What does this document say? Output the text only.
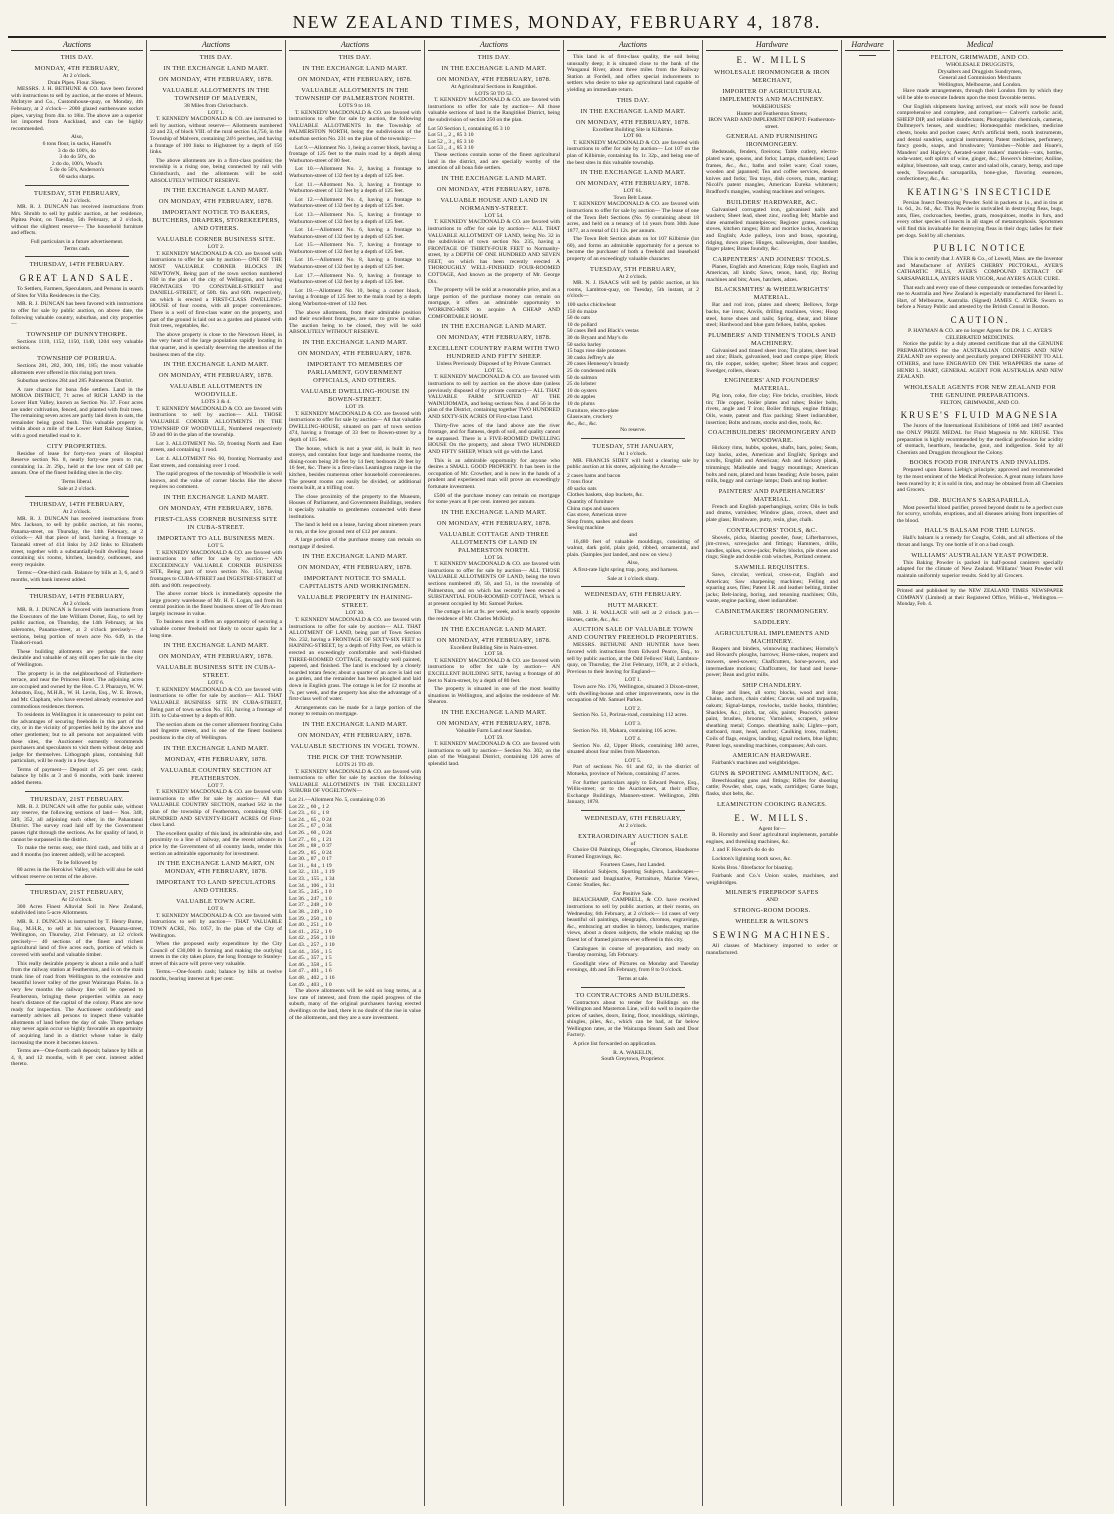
NEW ZEALAND TIMES, MONDAY, FEBRUARY 4, 1878.
Auctions
THIS DAY.
MONDAY, 4TH FEBRUARY,
At 2 o'clock.
Drain Pipes. Flour. Sheep.

MESSRS. J. H. BETHUNE & CO. have been favored with instructions to sell by auction, at the stores of Messrs. McIntyre and Co., Customhouse-quay, on Monday, 4th February, at 2 o'clock— 2000 glazed earthenware socket pipes, varying from 4in. to 18in. The above are a superior lot imported from Auckland, and can be highly recommended.

Also,
6 tons flour, in sacks, Hassell's
3 do do 100's, do
3 do do 50's, do
2 do do, 100's, Wood's
5 do do 50's, Anderson's
60 sacks sharps.
TUESDAY, 5TH FEBRUARY,
At 2 o'clock.

MR. R. J. DUNCAN has received instructions from Mrs. Shrubb to sell by public auction, at her residence, Pipitea Point, on Tuesday, 5th February, at 2 o'clock, without the slightest reserve— The household furniture and effects.

Full particulars in a future advertisement.
Terms cash.
THURSDAY, 14TH FEBRUARY.
GREAT LAND SALE.

To Settlers, Farmers, Speculators, and Persons in search of Sites for Villa Residences in the City.

MR. R. J. DUNCAN has been favored with instructions to offer for sale by public auction, on above date, the following valuable country, suburban, and city properties—

TOWNSHIP OF DUNNYTHORPE.

Sections 1110, 1152, 1150, 1140, 1204 very valuable sections.

TOWNSHIP OF PORIRUA.

Sections 281, 282, 300, 186, 185; the most valuable allotments ever offered in this rising port town.

Suburban sections 284 and 285 Palmerston District.

A rare chance for bona fide settlers. Land in the MOROA DISTRICT, 71 acres of RICH LAND in the Lower Hutt Valley, known as Section No. 37. Four acres are under cultivation, fenced, and planted with fruit trees. The remaining seven acres are partly laid down in oats, the remainder being good bush. This valuable property is within about a mile of the Lower Hutt Railway Station, with a good metalled road to it.

CITY PROPERTIES.

Residue of lease for forty-two years of Hospital Reserve section No. 8, nearly forty-one years to run, containing 1a. 2r. 29p., held at the low rent of £40 per annum. One of the finest building sites in the city.

Terms liberal.
Sale at 2 o'clock.
THURSDAY, 14TH FEBRUARY,
At 2 o'clock.

MR. R. J. DUNCAN has received instructions from Mrs. Jackson, to sell by public auction, at his rooms, Panama-street, on Thursday, the 14th February, at 2 o'clock— All that piece of land, having a frontage to Taranaki street of 414 links by 242 links to Elizabeth street, together with a substantially-built dwelling house containing six rooms, kitchen, laundry, outhouses, and every requisite.

Terms:—One-third cash. Balance by bills at 3, 6, and 9 months, with bank interest added.

THURSDAY, 14TH FEBRUARY,
At 2 o'clock.

MR. R. J. DUNCAN is favored with instructions from the Executors of the late William Dorset, Esq., to sell by public auction, on Thursday, the 14th February, at his salerooms, Panama-street, at 2 o'clock precisely— 4 sections, being portion of town acre No. 649, in the Tinakori-road.

These building allotments are perhaps the most desirable and valuable of any still open for sale in the city of Wellington.

The property is in the neighbourhood of Fitzherbert-terrace, and near the Princess Hotel. The adjoining acres are occupied and owned by the Hon. C. J. Pharazyn, W. W. Johnston, Esq., M.H.R., W. H. Levin, Esq., W. E. Brown, and Mr. Clapham, who have erected already extensive and commodious residences thereon.

To residents in Wellington it is unnecessary to point out the advantages of securing freeholds in this part of the city, or in the vicinity of properties held by the above and other gentlemen; but to all persons not acquainted with these sites, the Auctioneer earnestly recommends purchasers and speculators to visit them without delay and judge for themselves. Lithograph plans, containing full particulars, will be ready in a few days.

Terms of payment— Deposit of 25 per cent. cash; balance by bills at 3 and 6 months, with bank interest added thereto.

THURSDAY, 21ST FEBRUARY.

MR. R. J. DUNCAN will offer for public sale, without any reserve, the following sections of land— Nos. 348, 349, 352, all adjoining each other, in the Pahautanui District. The survey road laid off by the Government passes right through the sections. As for quality of land, it cannot be surpassed in the district.

To make the terms easy, one third cash, and bills at 4 and 8 months (no interest added), will be accepted.

To be followed by

80 acres in the Horokiwi Valley, which will also be sold without reserve on terms of the above.

THURSDAY, 21ST FEBRUARY,
At 12 o'clock.

300 Acres Finest Alluvial Soil in New Zealand, subdivided into 5-acre Allotments.

MR. R. J. DUNCAN is instructed by T. Henry Burne, Esq., M.H.R., to sell at his saleroom, Panama-street, Wellington, on Thursday, 21st February, at 12 o'clock precisely— 40 sections of the finest and richest agricultural land of five acres each, portion of which is covered with useful and valuable timber.

This really desirable property is about a mile and a half from the railway station at Featherston, and is on the main trunk line of road from Wellington to the extensive and beautiful lower valley of the great Wairarapa Plains. In a very few months the railway line will be opened to Featherston, bringing these properties within an easy hour's distance of the capital of the colony. Plans are now ready for inspection. The Auctioneer confidently and earnestly advises all persons to inspect these valuable allotments of land before the day of sale. There perhaps may never again occur so highly favorable an opportunity of acquiring land in a district whose value is daily increasing the more it becomes known.

Terms are—One-fourth cash deposit; balance by bills at 4, 8, and 12 months, with 8 per cent. interest added thereto.

Auctions
THIS DAY.
IN THE EXCHANGE LAND MART.
ON MONDAY, 4TH FEBRUARY, 1878.
VALUABLE ALLOTMENTS IN THE TOWNSHIP OF MALVERN,
38 Miles from Christchurch.
LOT 1.

T. KENNEDY MACDONALD & CO. are instructed to sell by auction, without reserve— Allotments numbered 22 and 23, of block VIII. of the rural section 14,756, in the Township of Malvern, containing 24½ perches, and having a frontage of 100 links to Highstreet by a depth of 156 links.

The above allotments are in a first-class position; the township is a rising one, being connected by rail with Christchurch, and the allotments will be sold ABSOLUTELY WITHOUT RESERVE.

IN THE EXCHANGE LAND MART.
ON MONDAY, 4TH FEBRUARY, 1878.
IMPORTANT NOTICE TO BAKERS, BUTCHERS, DRAPERS, STOREKEEPERS, AND OTHERS.
VALUABLE CORNER BUSINESS SITE.
LOT 2.

T. KENNEDY MACDONALD & CO. are favored with instructions to offer for sale by auction— ONE OF THE MOST VALUABLE CORNER BLOCKS IN NEWTOWN, Being part of the town section numbered 830 in the plan of the city of Wellington, and having FRONTAGES TO CONSTABLE-STREET and DANIELL-STREET, of 50ft. 6in. and 60ft. respectively, on which is erected a FIRST-CLASS DWELLING-HOUSE of four rooms, with all proper conveniences. There is a well of first-class water on the property, and part of the ground is laid out as a garden and planted with fruit trees, vegetables, &c.

The above property is close to the Newtown Hotel, in the very heart of the large population rapidly locating in that quarter, and is specially deserving the attention of the business men of the city.

IN THE EXCHANGE LAND MART.
ON MONDAY, 4TH FEBRUARY, 1878.
VALUABLE ALLOTMENTS IN WOODVILLE.
LOTS 3 & 4.

T. KENNEDY MACDONALD & CO. are favored with instructions to sell by auction— ALL THOSE VALUABLE CORNER ALLOTMENTS IN THE TOWNSHIP OF WOODVILLE, Numbered respectively 59 and 60 in the plan of the township.

Lot 3. ALLOTMENT No. 59, fronting North and East streets, and containing 1 rood.

Lot 4. ALLOTMENT No. 60, fronting Normanby and East streets, and containing over 1 rood.

The rapid progress of the township of Woodville is well known, and the value of corner blocks like the above requires no comment.

IN THE EXCHANGE LAND MART.
ON MONDAY, 4TH FEBRUARY, 1878.
FIRST-CLASS CORNER BUSINESS SITE IN CUBA-STREET.
IMPORTANT TO ALL BUSINESS MEN.
LOT 5.

T. KENNEDY MACDONALD & CO. are favored with instructions to offer for sale by auction— AN EXCEEDINGLY VALUABLE CORNER BUSINESS SITE, Being part of town section No. 151, having frontages to CUBA-STREET and INGESTRE-STREET of 40ft. and 80ft. respectively.

The above corner block is immediately opposite the large grocery warehouse of Mr. H. F. Logan, and from its central position in the finest business street of Te Aro must largely increase in value.

To business men it offers an opportunity of securing a valuable corner freehold not likely to occur again for a long time.

IN THE EXCHANGE LAND MART.
ON MONDAY, 4TH FEBRUARY, 1878.
VALUABLE BUSINESS SITE IN CUBA-STREET.
LOT 6.

T. KENNEDY MACDONALD & CO. are favored with instructions to offer for sale by auction— ALL THAT VALUABLE BUSINESS SITE IN CUBA-STREET, Being part of town section No. 151, having a frontage of 31ft. to Cuba-street by a depth of 80ft.

The section abuts on the corner allotment fronting Cuba and Ingestre streets, and is one of the finest business positions in the city of Wellington.

IN THE EXCHANGE LAND MART.
MONDAY, 4TH FEBRUARY, 1878.
VALUABLE COUNTRY SECTION AT FEATHERSTON.
LOT 7.

T. KENNEDY MACDONALD & CO. are favored with instructions to offer for sale by auction— All that VALUABLE COUNTRY SECTION, marked 562 in the plan of the township of Featherston, containing ONE HUNDRED AND SEVENTY-EIGHT ACRES Of First-class Land.

The excellent quality of this land, its admirable site, and proximity to a line of railway, and the recent advance in price by the Government of all country lands, render this section an admirable opportunity for investment.

IN THE EXCHANGE LAND MART, ON MONDAY, 4TH FEBRUARY, 1878.
IMPORTANT TO LAND SPECULATORS AND OTHERS.
VALUABLE TOWN ACRE.
LOT 8.

T. KENNEDY MACDONALD & CO. are favored with instructions to sell by auction— THAT VALUABLE TOWN ACRE, No. 1057, In the plan of the City of Wellington.

When the proposed early expenditure by the City Council of £30,000 in forming and making the outlying streets in the city takes place, the long frontage to Stanley-street of this acre will prove very valuable.

Terms.—One-fourth cash; balance by bills at twelve months, bearing interest at 8 per cent.

Auctions
THIS DAY.
IN THE EXCHANGE LAND MART.
ON MONDAY, 4TH FEBRUARY, 1878.
VALUABLE ALLOTMENTS IN THE TOWNSHIP OF PALMERSTON NORTH.
LOTS 9 to 18.

T. KENNEDY MACDONALD & CO. are favored with instructions to offer for sale by auction, the following VALUABLE ALLOTMENTS In the Township of PALMERSTON NORTH, being the subdivisions of the suburban section No. 231 on the plan of the township:—

Lot 9.—Allotment No. 1, being a corner block, having a frontage of 125 feet to the main road by a depth along Warburton-street of 80 feet.

Lot 10.—Allotment No. 2, having a frontage to Warburton-street of 132 feet by a depth of 125 feet.

Lot 11.—Allotment No. 3, having a frontage to Warburton-street of 132 feet by a depth of 125 feet.

Lot 12.—Allotment No. 4, having a frontage to Warburton-street of 132 feet by a depth of 125 feet.

Lot 13.—Allotment No. 5, having a frontage to Warburton-street of 132 feet by a depth of 125 feet.

Lot 14.—Allotment No. 6, having a frontage to Warburton-street of 132 feet by a depth of 125 feet.

Lot 15.—Allotment No. 7, having a frontage to Warburton-street of 132 feet by a depth of 125 feet.

Lot 16.—Allotment No. 8, having a frontage to Warburton-street of 132 feet by a depth of 125 feet.

Lot 17.—Allotment No. 9, having a frontage to Warburton-street of 132 feet by a depth of 125 feet.

Lot 18.—Allotment No. 10, being a corner block, having a frontage of 125 feet to the main road by a depth along Warburton-street of 132 feet.

The above allotments, from their admirable position and their excellent frontages, are sure to grow in value. The auction being to be closed, they will be sold ABSOLUTELY WITHOUT RESERVE.

IN THE EXCHANGE LAND MART.
ON MONDAY, 4TH FEBRUARY, 1878.
IMPORTANT TO MEMBERS OF PARLIAMENT, GOVERNMENT OFFICIALS, AND OTHERS.
VALUABLE DWELLING-HOUSE IN BOWEN-STREET.
LOT 19.

T. KENNEDY MACDONALD & CO. are favored with instructions to offer for sale by auction— All that valuable DWELLING-HOUSE, situated on part of town section 474, having a frontage of 33 feet to Bowen-street by a depth of 115 feet.

The house, which is not a year old, is built in two storeys, and contains four large and handsome rooms, the dining-room being 20 feet by 14 feet; bedroom 20 feet by 16 feet, &c. There is a first-class Leamington range in the kitchen, besides numerous other household conveniences. The present rooms can easily be divided, or additional rooms built, at a trifling cost.

The close proximity of the property to the Museum, Houses of Parliament, and Government Buildings, renders it specially valuable to gentlemen connected with these institutions.

The land is held on a lease, having about nineteen years to run, at the low ground rent of £12 per annum.

A large portion of the purchase money can remain on mortgage if desired.

IN THE EXCHANGE LAND MART.
ON MONDAY, 4TH FEBRUARY, 1878.
IMPORTANT NOTICE TO SMALL CAPITALISTS AND WORKINGMEN.
VALUABLE PROPERTY IN HAINING-STREET.
LOT 20.

T. KENNEDY MACDONALD & CO. are favored with instructions to offer for sale by auction— ALL THAT ALLOTMENT OF LAND, being part of Town Section No. 232, having a FRONTAGE OF SIXTY-SIX FEET to HAINING-STREET, by a depth of Fifty Feet, on which is erected an exceedingly comfortable and well-finished THREE-ROOMED COTTAGE, thoroughly well painted, papered, and finished. The land is enclosed by a closely boarded totara fence; about a quarter of an acre is laid out as garden, and the remainder has been ploughed and laid down in English grass. The cottage is let for 12 months at 7s. per week, and the property has also the advantage of a first-class well of water.

Arrangements can be made for a large portion of the money to remain on mortgage.

IN THE EXCHANGE LAND MART.
ON MONDAY, 4TH FEBRUARY, 1878.
VALUABLE SECTIONS IN VOGEL TOWN.
THE PICK OF THE TOWNSHIP.
LOTS 21 TO 49.

T. KENNEDY MACDONALD & CO. are favored with instructions to offer for sale by auction the following VALUABLE ALLOTMENTS IN THE EXCELLENT SUBURB OF VOGELTOWN—

Lot 21.—Allotment No. 5, containing 0 36
Lot 22. ,, 60 ,, 1 2
Lot 23. ,, 61 ,, 1 8
Lot 24. ,, 65 ,, 0 24
Lot 25. ,, 67 ,, 0 34
Lot 26. ,, 60 ,, 0 24
Lot 27. ,, 61 ,, 1 21
Lot 28. ,, 88 ,, 0 37
Lot 29. ,, 85 ,, 0 24
Lot 30. ,, 87 ,, 0 17
Lot 31. ,, 84 ,, 1 19
Lot 32. ,, 131 ,, 1 19
Lot 33. ,, 155 ,, 1 34
Lot 34. ,, 106 ,, 1 31
Lot 35. ,, 245 ,, 1 0
Lot 36. ,, 247 ,, 1 0
Lot 37. ,, 248 ,, 1 0
Lot 38. ,, 249 ,, 1 0
Lot 39. ,, 250 ,, 1 0
Lot 40. ,, 251 ,, 1 0
Lot 41. ,, 252 ,, 1 0
Lot 42. ,, 256 ,, 1 10
Lot 43. ,, 257 ,, 1 10
Lot 44. ,, 356 ,, 1 5
Lot 45. ,, 357 ,, 1 5
Lot 46. ,, 358 ,, 1 5
Lot 47. ,, 401 ,, 1 6
Lot 48. ,, 402 ,, 1 16
Lot 49. ,, 403 ,, 1 0

The above allotments will be sold on long terms, at a low rate of interest, and from the rapid progress of the suburb, many of the original purchasers having erected dwellings on the land, there is no doubt of the rise in value of the allotments, and they are a sure investment.

Auctions
THIS DAY.
IN THE EXCHANGE LAND MART.
ON MONDAY, 4TH FEBRUARY, 1878.
At Agricultural Sections in Rangitikei.
LOTS 50 TO 53.

T. KENNEDY MACDONALD & CO. are favored with instructions to offer for sale by auction— All those valuable sections of land in the Rangitikei District, being the subdivision of section 250 on the plan.

Lot 50 Section 1, containing 85 3 10
Lot 51 ,, 2 ,, 85 3 10
Lot 52 ,, 3 ,, 85 3 10
Lot 53 ,, 4 ,, 85 3 10

These sections contain some of the finest agricultural land in the district, and are specially worthy of the attention of all bona fide settlers.

IN THE EXCHANGE LAND MART.
ON MONDAY, 4TH FEBRUARY, 1878.
VALUABLE HOUSE AND LAND IN NORMANBY-STREET.
LOT 54.

T. KENNEDY MACDONALD & CO. are favored with instructions to offer for sale by auction— ALL THAT VALUABLE ALLOTMENT OF LAND, being No. 32 in the subdivision of town section No. 235, having a FRONTAGE OF THIRTY-FOUR FEET to Normanby-street, by a DEPTH OF ONE HUNDRED AND SEVEN FEET, on which has been recently erected A THOROUGHLY WELL-FINISHED FOUR-ROOMED COTTAGE, And known as the property of Mr. George Dix.

The property will be sold at a reasonable price, and as a large portion of the purchase money can remain on mortgage, it offers an admirable opportunity to WORKING-MEN to acquire A CHEAP AND COMFORTABLE HOME.

IN THE EXCHANGE LAND MART.
ON MONDAY, 4TH FEBRUARY, 1878.
EXCELLENT COUNTRY FARM WITH TWO HUNDRED AND FIFTY SHEEP.
Unless Previously Disposed of by Private Contract.
LOT 55.

T. KENNEDY MACDONALD & CO. are favored with instructions to sell by auction on the above date (unless previously disposed of by private contract)— ALL THAT VALUABLE FARM SITUATED AT THE WAINUIOMATA, and being sections Nos. 4 and 56 in the plan of the District, containing together TWO HUNDRED AND SIXTY-SIX ACRES Of First-class Land.

Thirty-five acres of the land above are the river frontage, and for flatness, depth of soil, and quality cannot be surpassed. There is a FIVE-ROOMED DWELLING HOUSE On the property, and about TWO HUNDRED AND FIFTY SHEEP, Which will go with the Land.

This is an admirable opportunity for anyone who desires a SMALL GOOD PROPERTY. It has been in the occupation of Mr. Crowther, and is now in the hands of a prudent and experienced man will prove an exceedingly fortunate investment.

£500 of the purchase money can remain on mortgage for some years at 8 per cent. interest per annum.

IN THE EXCHANGE LAND MART.
ON MONDAY, 4TH FEBRUARY, 1878.
VALUABLE COTTAGE AND THREE ALLOTMENTS OF LAND IN PALMERSTON NORTH.
LOT 56.

T. KENNEDY MACDONALD & CO. are favored with instructions to offer for sale by auction— ALL THOSE VALUABLE ALLOTMENTS OF LAND, being the town sections numbered 49, 50, and 51, in the township of Palmerston, and on which has recently been erected a SUBSTANTIAL FOUR-ROOMED COTTAGE, Which is at present occupied by Mr. Samuel Parkes.

The cottage is let at 9s. per week, and is nearly opposite the residence of Mr. Charles McKirdy.

IN THE EXCHANGE LAND MART.
ON MONDAY, 4TH FEBRUARY, 1878.
Excellent Building Site in Nairn-street.
LOT 58.

T. KENNEDY MACDONALD & CO. are favored with instructions to offer for sale by auction— AN EXCELLENT BUILDING SITE, having a frontage of 40 feet to Nairn-street, by a depth of 80 feet.

The property is situated in one of the most healthy situations in Wellington, and adjoins the residence of Mr. Shearon.

IN THE EXCHANGE LAND MART.
ON MONDAY, 4TH FEBRUARY, 1878.
Valuable Farm Land near Sandon.
LOT 59.

T. KENNEDY MACDONALD & CO. are favored with instructions to sell by auction— Section No. 302, on the plan of the Wanganui District, containing 126 acres of splendid land.

Auctions

This land is of first-class quality, the soil being unusually deep; it is situated close to the bank of the Wanganui River, about three miles from the Railway Station at Fordell, and offers special inducements to settlers who desire to take up agricultural land capable of yielding an immediate return.

THIS DAY.
IN THE EXCHANGE LAND MART.
ON MONDAY, 4TH FEBRUARY, 1878.
Excellent Building Site in Kilbirnie.
LOT 60.

T. KENNEDY MACDONALD & CO. are favored with instructions to offer for sale by auction— Lot 107 on the plan of Kilbirnie, containing 0a. 1r. 32p., and being one of the best sites in this valuable township.

IN THE EXCHANGE LAND MART.
ON MONDAY, 4TH FEBRUARY, 1878.
LOT 61.
Town Belt Lease.

T. KENNEDY MACDONALD & CO. are favored with instructions to offer for sale by auction— The lease of one of the Town Belt Sections (No. 9) containing about 18 acres, and held on a tenancy of 14 years from 30th June 1877, at a rental of £11 12s. per annum.

The Town Belt Section abuts on lot 107 Kilbirnie (lot 60), and forms an admirable opportunity for a person to become the purchaser of both a freehold and leasehold property of an exceedingly valuable character.

TUESDAY, 5TH FEBRUARY,
At 2 o'clock.

MR. N. J. ISAACS will sell by public auction, at his rooms, Lambton-quay, on Tuesday, 5th instant, at 2 o'clock—

100 sacks chickwheat
150 do maize
50 do oats
10 do pollard
50 cases Bell and Black's vestas
30 do Bryant and May's do
50 sacks barley
15 bags rose dale potatoes
30 casks Jeffrey's ale
20 cases Hennessy's brandy
25 do condensed milk
50 do salmon
25 do lobster
10 do oysters
20 do apples
10 do plums
Furniture, electro-plate
Glassware, crockery
&c., &c., &c.
No reserve.
TUESDAY, 5TH JANUARY,
At 1 o'clock.

MR. FRANCIS SIDEY will hold a clearing sale by public auction at his stores, adjoining the Arcade—

2 cases hams and bacon
7 tons flour
40 sacks oats
Clothes baskets, slop buckets, &c.
Quantity of furniture
China cups and saucers
Gas stove, American stove
Shop fronts, sashes and doors
Sewing machine
and

16,480 feet of valuable mouldings, consisting of walnut, dark gold, plain gold, ribbed, ornamental, and plain. (Samples just landed, and now on view.)

Also,

A first-rate light spring trap, pony, and harness.

Sale at 1 o'clock sharp.
WEDNESDAY, 6TH FEBRUARY.
HUTT MARKET.

MR. J. H. WALLACE will sell at 2 o'clock p.m.— Horses, cattle, &c., &c.

AUCTION SALE OF VALUABLE TOWN AND COUNTRY FREEHOLD PROPERTIES.

MESSRS. BETHUNE AND HUNTER have been favored with instructions from Edward Pearce, Esq., to sell by public auction, at the Odd Fellows' Hall, Lambton-quay, on Thursday, the 21st February, 1878, at 2 o'clock, Previous to their leaving for England—

LOT 1.

Town acre No. 176, Wellington, situated 3 Dixon-street, with dwelling-house and other improvements, now in the occupation of Mr. Samuel Parkes.

LOT 2.

Section No. 51, Porirua-road, containing 112 acres.

LOT 3.

Section No. 10, Makara, containing 105 acres.

LOT 4.

Section No. 42, Upper Block, containing 380 acres, situated about four miles from Masterton.

LOT 5.

Part of sections No. 61 and 62, in the district of Motueka, province of Nelson, containing 47 acres.

For further particulars apply to Edward Pearce, Esq., Willis-street; or to the Auctioneers, at their office, Exchange Buildings, Manners-street. Wellington, 28th January, 1878.

WEDNESDAY, 6TH FEBRUARY,
At 2 o'clock.
EXTRAORDINARY AUCTION SALE
of

Choice Oil Paintings, Oleographs, Chromos, Handsome Framed Engravings, &c.

Fourteen Cases, Just Landed.

Historical Subjects, Sporting Subjects, Landscapes—Domestic and Imaginative, Portraiture, Marine Views, Comic Studies, &c.

For Positive Sale.

BEAUCHAMP, CAMPBELL, & CO. have received instructions to sell by public auction, at their rooms, on Wednesday, 6th February, at 2 o'clock— 14 cases of very beautiful oil paintings, oleographs, chromos, engravings, &c., embracing art studies in history, landscapes, marine views, about a dozen subjects, the whole making up the finest lot of framed pictures ever offered in this city.

Catalogues in course of preparation, and ready on Tuesday morning, 5th February.

Goodlight view of Pictures on Monday and Tuesday evenings, 4th and 5th February, from 8 to 9 o'clock.

Terms at sale.
TO CONTRACTORS AND BUILDERS.

Contractors about to tender for Buildings on the Wellington and Masterton Line, will do well to inquire the prices of sashes, doors, lining, floor, mouldings, skirtings, shingles, piles, &c., which can be had, at far below Wellington rates, at the Wairarapa Steam Sash and Door Factory.

A price list forwarded on application.

R. A. WAKELIN,
South Greytown, Proprietor.
Hardware
E. W. MILLS
WHOLESALE IRONMONGER & IRON MERCHANT,
IMPORTER OF AGRICULTURAL IMPLEMENTS AND MACHINERY.
WAREHOUSES:
Hunter and Featherston Streets;
IRON YARD AND IMPLEMENT DEPOT: Featherston-street.
GENERAL AND FURNISHING IRONMONGERY.

Bedsteads, fenders, fireirons; Table cutlery, electro-plated ware, spoons, and forks; Lamps, chandeliers; Lead frames, &c., &c., baths and toilet ware; Coal vases, wooden and japanned; Tea and coffee services, dessert knives and forks; Tea trays, dish covers, mats, matting; Nicoll's patent mangles, American Eureka whiteners; Bradford's mangles, washing machines and wringers.

BUILDERS' HARDWARE, &C.

Galvanised corrugated iron, galvanised nails and washers; Sheet lead, sheet zinc, roofing felt; Marble and slate enamelled mantelpieces; Register grates, cooking stoves, kitchen ranges; Rim and mortice locks, American and English; Axle pulleys, iron and brass, spouting, ridging, down pipes; Hinges, nailsweights, door handles, finger plates; Brass foundry, &c.

CARPENTERS' AND JOINERS' TOOLS.

Planes, English and American; Edge tools, English and American, all kinds; Saws, tenon, hand, rip; Boring machines and bits; Axes, hatchets, adzes.

BLACKSMITHS' & WHEELWRIGHTS' MATERIAL.

Bar and rod iron, plates and sheets; Bellows, forge backs, tue irons; Anvils, drilling machines, vices; Hoop steel, horse shoes and nails; Spring, shear, and blister steel; Hardwood and blue gum felloes, hubbs, spokes.

PLUMBERS' AND TINMEN'S TOOLS AND MACHINERY.

Galvanised and tinned sheet iron; Tin plates, sheet lead and zinc; Black, galvanised, lead and compo pipe; Block tin, tile copper, solder, spelter; Sheet brass and copper; Swedger, rollers, shears.

ENGINEERS' AND FOUNDERS' MATERIAL.

Pig iron, coke, fire clay; Fire bricks, crucibles, block tin; Tile copper, boiler plates and tubes; Boiler bolts, rivets, angle and T iron; Boiler fittings, engine fittings; Oils, waste, patent and flax packing; Sheet indiarubber, insertion; Bolts and nuts, stocks and dies, tools, &c.

COACHBUILDERS' IRONMONGERY AND WOODWARE.

Hickory rims, hubbs, spokes, shafts, bars, poles; Seats, lazy backs, axles, American and English; Springs and scrolls, English and American; Ash and hickory plank, trimmings; Malleable and buggy mountings; American bolts and nuts, plated and brass beading; Axle boxes, paint mills, buggy and carriage lamps; Dash and top leather.

PAINTERS' AND PAPERHANGERS' MATERIAL.

French and English paperhangings, scrim; Oils in bulk and drums, varnishes; Window glass, crown, sheet and plate glass; Brushware, putty, resin, glue, chalk.

CONTRACTORS' TOOLS, &C.

Shovels, picks, blasting powder, fuse; Lifterbarrows, jim-crows, screwjacks and fittings; Hammers, drills, handles, spikes, screw-jacks; Pulley blocks, pile shoes and rings; Single and double crab winches, Portland cement.

SAWMILL REQUISITES.

Saws, circular, vertical, cross-cut, English and American; Saw sharpening machines; Felling and squaring axes, files; Patent I.R. and leather belting, timber jacks; Belt-lacing, boring, and tenoning machines; Oils, waste, engine packing, sheet indiarubber.

CABINETMAKERS' IRONMONGERY.
SADDLERY.
AGRICULTURAL IMPLEMENTS AND MACHINERY.

Reapers and binders, winnowing machines; Hornsby's and Howard's ploughs, harrows; Horse-rakes, reapers and mowers, seed-sowers; Chaffcutters, horse-powers, and intermediate motions; Chaffcutters, for hand and horse-power; Bean and grist mills.

SHIP CHANDLERY.

Rope and lines, all sorts; blocks, wood and iron; Chains, anchors, chain cables; Canvas sail and tarpaulin, oakum; Signal-lamps, rowlocks, tackle hooks, thimbles; Shackles, &c.; pitch, tar, oils, paints; Peacock's patent paint, brushes, brooms; Varnishes, scrapers, yellow sheathing metal; Compo. sheathing nails; Lights—port, starboard, mast, head, anchor; Caulking irons, mallets; Coils of flags, ensigns, landing, signal rockets, blue lights; Patent logs, sounding machines, compasses; Ash oars.

AMERICAN HARDWARE.

Fairbank's machines and weighbridges.

GUNS & SPORTING AMMUNITION, &C.

Breechloading guns and fittings; Rifles for shooting cattle; Powder, shot, caps, wads, cartridges; Game bags, flasks, shot belts, &c.

LEAMINGTON COOKING RANGES.
E. W. MILLS.
Agent for—

R. Hornsby and Sons' agricultural implements, portable engines, and threshing machines, &c.

J. and F. Howard's do do do

Lockton's lightning tooth saws, &c.

Krebs Bros.' fibrefactor for blasting.

Fairbank and Co.'s Union scales, machines, and weighbridges.

MILNER'S FIREPROOF SAFES
AND
STRONG-ROOM DOORS.
WHEELER & WILSON'S
SEWING MACHINES.

All classes of Machinery imported to order or manufactured.

Hardware	Medical
FELTON, GRIMWADE, AND CO.
WHOLESALE DRUGGISTS,
Drysalters and Druggists Sundrymen,
General and Commission Merchants
Wellington, Melbourne, and London.

Have made arrangements, through their London firm by which they will be able to execute Indents upon the most favorable terms.

Our English shipments having arrived, our stock will now be found comprehensive and complete, and comprises— Calvert's carbolic acid, SHEEP DIP, and reliable disinfectants; Photographic chemicals, cameras, Dallmeyer's lenses, and sundries; Homœopathic medicines, medicine chests, books and pocket cases; Arti's artificial teeth, tooth instruments, and dental sundries, surgical instruments; Patent medicines, perfumery, fancy goods, soaps, and brushware; Varnishes—Noble and Hoare's, Manders' and Hapley's; Aerated-water makers' materials—vats, bottles, soda-water, soft spirits of wine, ginger, &c.; Bowers's bitterine; Aniline, sulphur, bluestone, salt soap, castor and salad oils, canary, hemp, and rape seeds, Townsend's sarsaparilla, bone-glue, flavoring essences, confectionery, &c., &c.

KEATING'S INSECTICIDE

Persian Insect Destroying Powder. Sold in packets at 1s., and in tins at 1s. 6d., 2s. 6d., &c. This Powder is unrivalled in destroying fleas, bugs, ants, flies, cockroaches, beetles, gnats, mosquitoes, moths in furs, and every other species of insects in all stages of metamorphosis. Sportsmen will find this invaluable for destroying fleas in their dogs; ladies for their pet dogs. Sold by all chemists.

PUBLIC NOTICE

This is to certify that J. AYER & Co., of Lowell, Mass. are the Inventor and Manufacturer of AYER'S CHERRY PECTORAL, AYER'S CATHARTIC PILLS, AYER'S COMPOUND EXTRACT OF SARSAPARILLA, AYER'S HAIR VIGOR, And AYER'S AGUE CURE.

That each and every one of these compounds or remedies forwarded by me to Australia and New Zealand is especially manufactured for Henri L. Hart, of Melbourne, Australia. (Signed) JAMES C. AYER. Sworn to before a Notary Public and attested by the British Consul in Boston.

CAUTION.
P. HAYMAN & CO. are no longer Agents for DR. J. C. AYER'S CELEBRATED MEDICINES.

Notice the public by a duly attested certificate that all the GENUINE PREPARATIONS for the AUSTRALIAN COLONIES AND NEW ZEALAND are expressly and peculiarly prepared DIFFERENT TO ALL OTHERS, and have ENGRAVED ON THE WRAPPERS the name of HENRI L. HART, GENERAL AGENT FOR AUSTRALIA AND NEW ZEALAND.

WHOLESALE AGENTS FOR NEW ZEALAND FOR THE GENUINE PREPARATIONS.
FELTON, GRIMWADE, AND CO.
KRUSE'S FLUID MAGNESIA

The Jurors of the International Exhibitions of 1866 and 1867 awarded the ONLY PRIZE MEDAL for Fluid Magnesia to Mr. KRUSE. This preparation is highly recommended by the medical profession for acidity of stomach, heartburn, headache, gout, and indigestion. Sold by all Chemists and Druggists throughout the Colony.

BOOKS FOOD FOR INFANTS AND INVALIDS.

Prepared upon Baron Liebig's principle; approved and recommended by the most eminent of the Medical Profession. A great many infants have been reared by it; it is sold in tins, and may be obtained from all Chemists and Grocers.

DR. BUCHAN'S SARSAPARILLA.

Most powerful blood purifier, proved beyond doubt to be a perfect cure for scurvy, scrofula, eruptions, and all diseases arising from impurities of the blood.

HALL'S BALSAM FOR THE LUNGS.

Hall's balsam is a remedy for Coughs, Colds, and all affections of the throat and lungs. Try one bottle of it on a bad cough.

WILLIAMS' AUSTRALIAN YEAST POWDER.

This Baking Powder is packed in half-pound canisters specially adapted for the climate of New Zealand. Williams' Yeast Powder will maintain uniformly superior results. Sold by all Grocers.

Printed and published by the NEW ZEALAND TIMES NEWSPAPER COMPANY (Limited) at their Registered Office, Willis-st., Wellington.—Monday, Feb. 4.
